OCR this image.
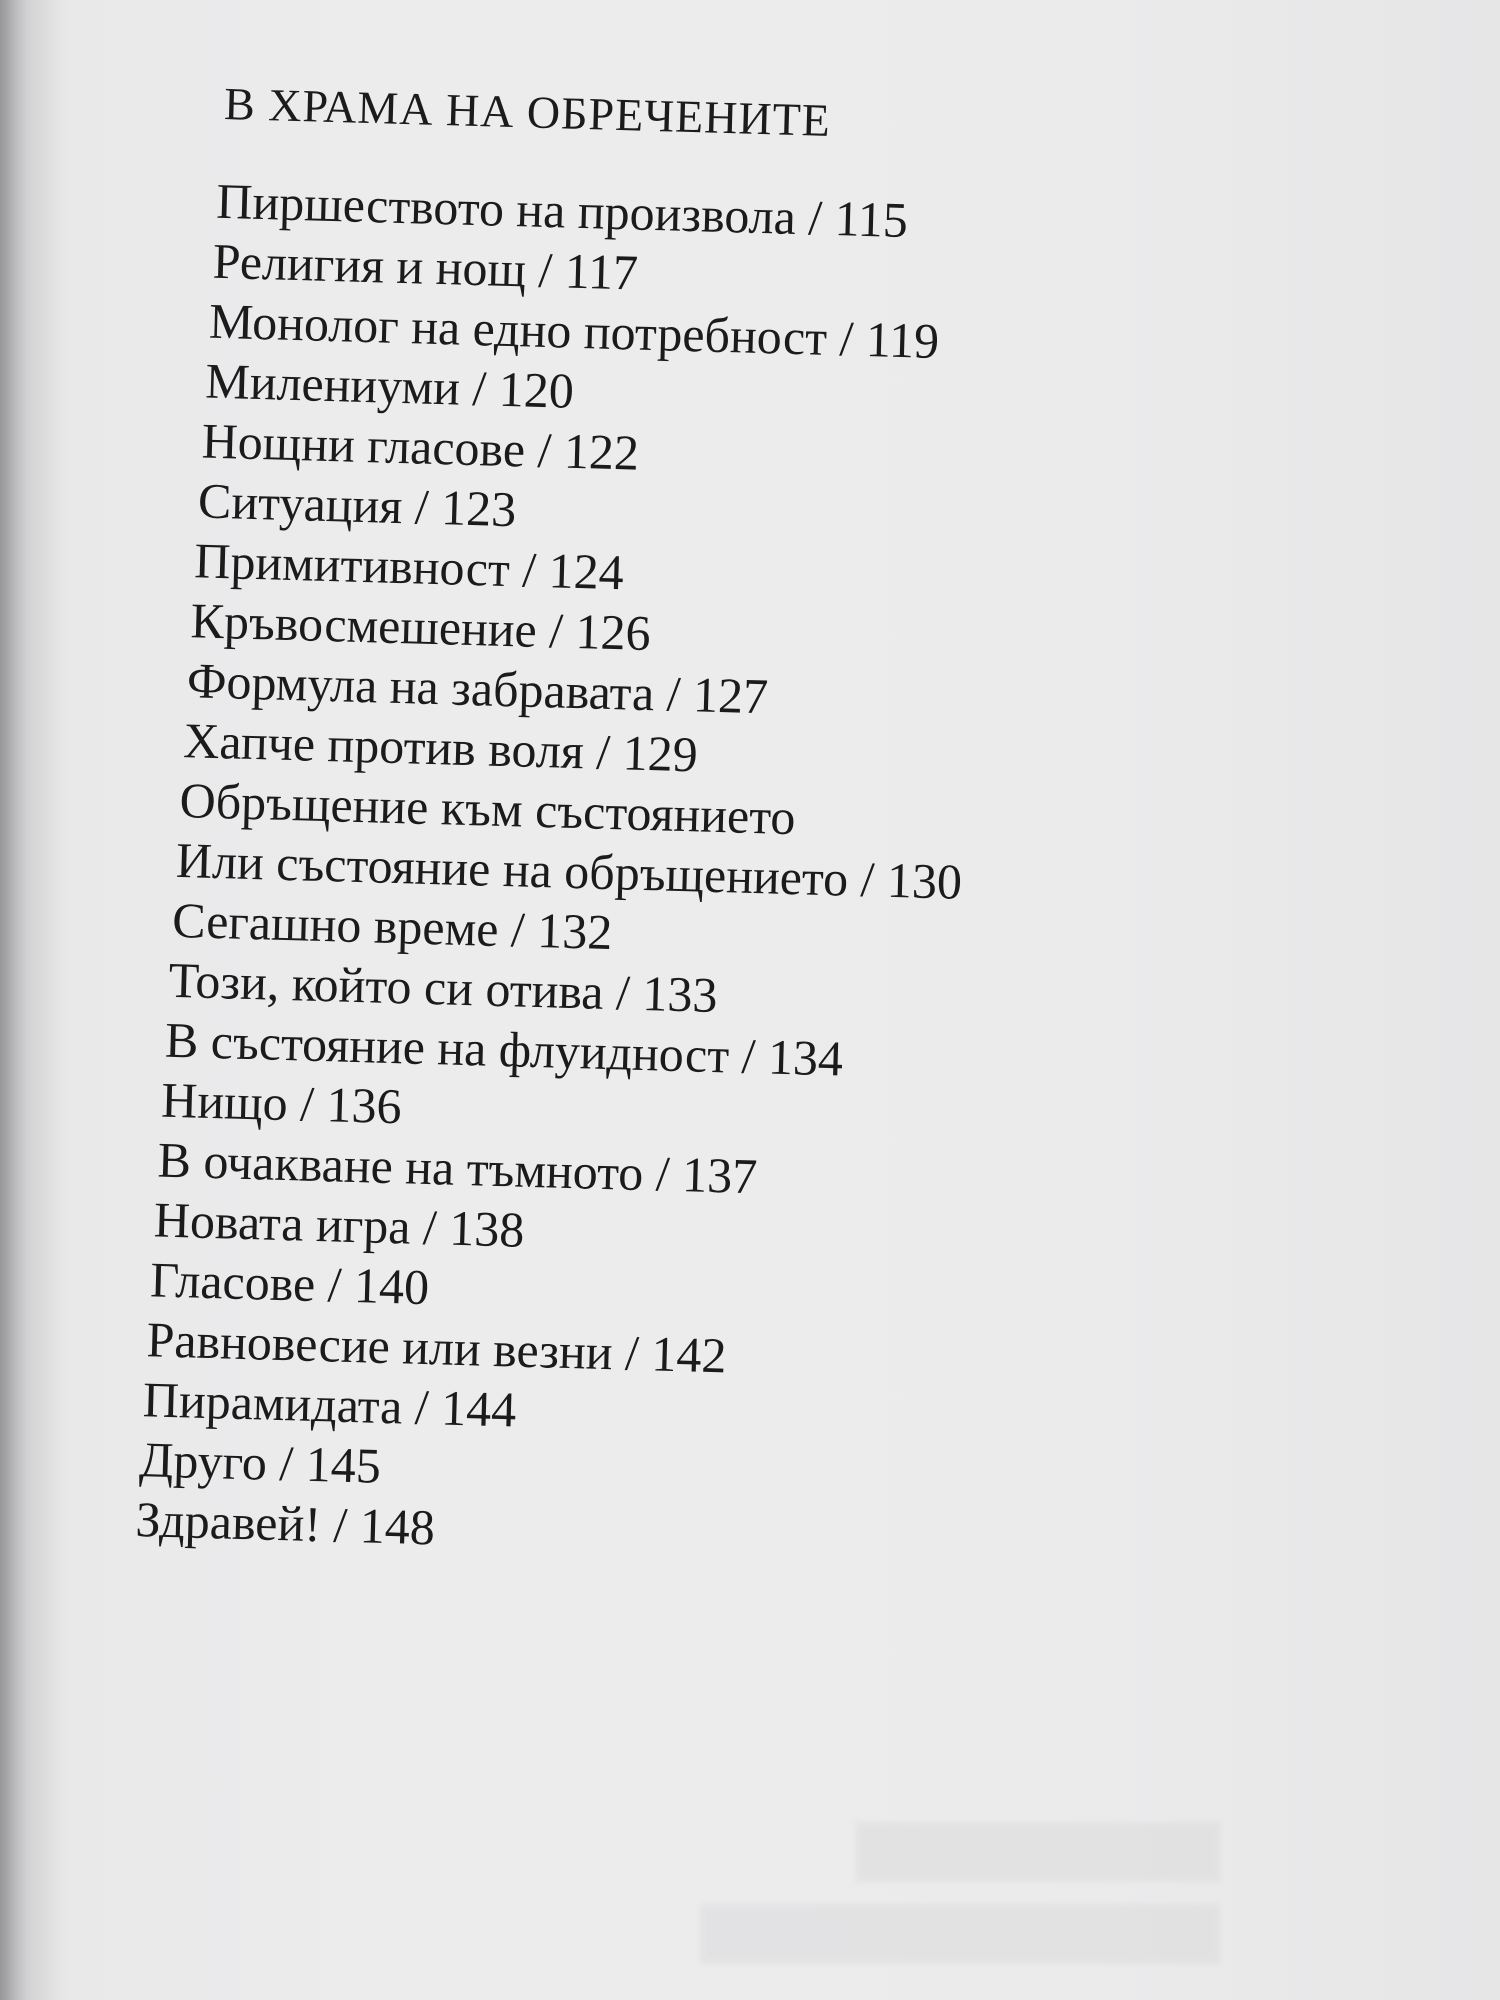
В ХРАМА НА ОБРЕЧЕНИТЕ
Пиршеството на произвола / 115
Религия и нощ / 117
Монолог на едно потребност / 119
Милениуми / 120
Нощни гласове / 122
Ситуация / 123
Примитивност / 124
Кръвосмешение / 126
Формула на забравата / 127
Хапче против воля / 129
Обръщение към състоянието
Или състояние на обръщението / 130
Сегашно време / 132
Този, който си отива / 133
В състояние на флуидност / 134
Нищо / 136
В очакване на тъмното / 137
Новата игра / 138
Гласове / 140
Равновесие или везни / 142
Пирамидата / 144
Друго / 145
Здравей! / 148
